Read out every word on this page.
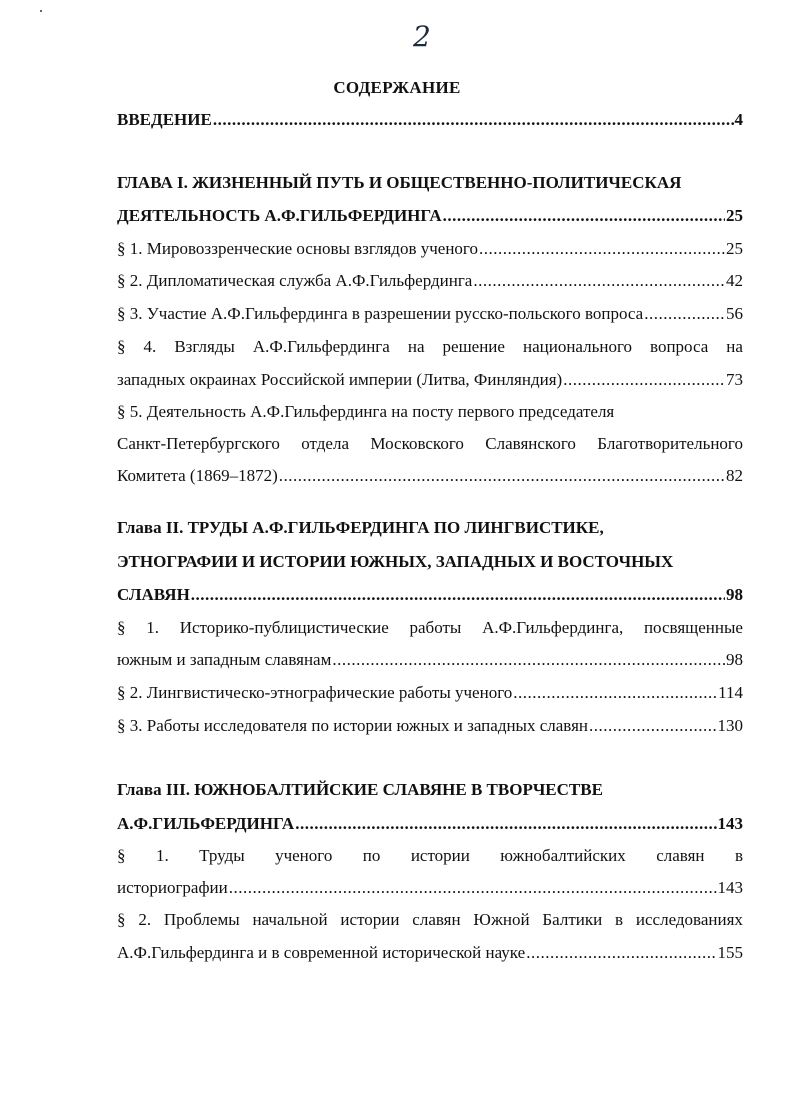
2
СОДЕРЖАНИЕ
ВВЕДЕНИЕ .....	4
ГЛАВА I. ЖИЗНЕННЫЙ ПУТЬ И ОБЩЕСТВЕННО-ПОЛИТИЧЕСКАЯ
ДЕЯТЕЛЬНОСТЬ А.Ф.ГИЛЬФЕРДИНГА .....	25
§ 1. Мировоззренческие основы взглядов ученого .....	25
§ 2. Дипломатическая служба А.Ф.Гильфердинга .....	42
§ 3. Участие А.Ф.Гильфердинга в разрешении русско-польского вопроса .....	56
§ 4. Взгляды А.Ф.Гильфердинга на решение национального вопроса на
западных окраинах Российской империи (Литва, Финляндия) .....	73
§ 5. Деятельность А.Ф.Гильфердинга на посту первого председателя
Санкт-Петербургского отдела Московского Славянского Благотворительного
Комитета (1869–1872) .....	82
Глава II. ТРУДЫ А.Ф.ГИЛЬФЕРДИНГА ПО ЛИНГВИСТИКЕ,
ЭТНОГРАФИИ И ИСТОРИИ ЮЖНЫХ, ЗАПАДНЫХ И ВОСТОЧНЫХ
СЛАВЯН .....	98
§ 1. Историко-публицистические работы А.Ф.Гильфердинга, посвященные
южным и западным славянам .....	98
§ 2. Лингвистическо-этнографические работы ученого .....	114
§ 3. Работы исследователя по истории южных и западных славян .....	130
Глава III. ЮЖНОБАЛТИЙСКИЕ СЛАВЯНЕ В ТВОРЧЕСТВЕ
А.Ф.ГИЛЬФЕРДИНГА .....	143
§ 1. Труды ученого по истории южнобалтийских славян в
историографии .....	143
§ 2. Проблемы начальной истории славян Южной Балтики в исследованиях
А.Ф.Гильфердинга и в современной исторической науке .....	155
